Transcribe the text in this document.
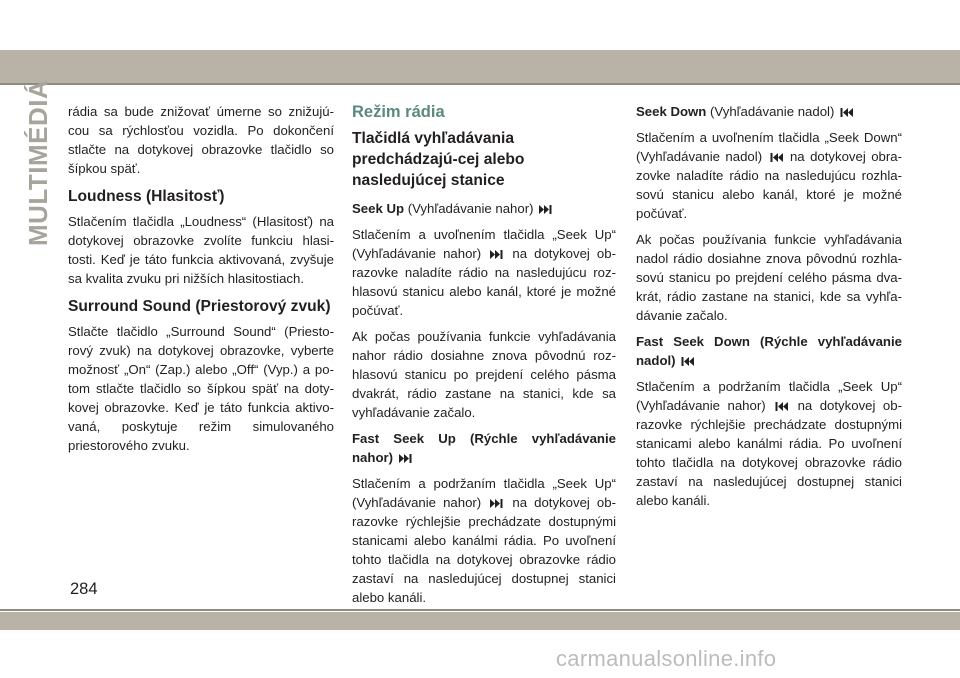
MULTIMÉDIÁ rádia sa bude znižovať úmerne so znižujú-cou sa rýchlosťou vozidla. Po dokončení stlačte na dotykovej obrazovke tlačidlo so šípkou späť.

Loudness (Hlasitosť)

Stlačením tlačidla „Loudness“ (Hlasitosť) na dotykovej obrazovke zvolíte funkciu hlasi-tosti. Keď je táto funkcia aktivovaná, zvyšuje sa kvalita zvuku pri nižších hlasitostiach.

Surround Sound (Priestorový zvuk)

Stlačte tlačidlo „Surround Sound“ (Priesto-rový zvuk) na dotykovej obrazovke, vyberte možnosť „On“ (Zap.) alebo „Off“ (Vyp.) a po-tom stlačte tlačidlo so šípkou späť na doty-kovej obrazovke. Keď je táto funkcia aktivo-vaná, poskytuje režim simulovaného priestorového zvuku.

Režim rádia
Tlačidlá vyhľadávania predchádzajú-cej alebo nasledujúcej stanice

Seek Up (Vyhľadávanie nahor)

Stlačením a uvoľnením tlačidla „Seek Up“ (Vyhľadávanie nahor) na dotykovej ob-razovke naladíte rádio na nasledujúcu roz-hlasovú stanicu alebo kanál, ktoré je možné počúvať.

Ak počas používania funkcie vyhľadávania nahor rádio dosiahne znova pôvodnú roz-hlasovú stanicu po prejdení celého pásma dvakrát, rádio zastane na stanici, kde sa vyhľadávanie začalo.

Fast Seek Up (Rýchle vyhľadávanie nahor)

Stlačením a podržaním tlačidla „Seek Up“ (Vyhľadávanie nahor) na dotykovej ob-razovke rýchlejšie prechádzate dostupnými stanicami alebo kanálmi rádia. Po uvoľnení tohto tlačidla na dotykovej obrazovke rádio zastaví na nasledujúcej dostupnej stanici alebo kanáli.

Seek Down (Vyhľadávanie nadol)

Stlačením a uvoľnením tlačidla „Seek Down“ (Vyhľadávanie nadol) na dotykovej obra-zovke naladíte rádio na nasledujúcu rozhla-sovú stanicu alebo kanál, ktoré je možné počúvať.

Ak počas používania funkcie vyhľadávania nadol rádio dosiahne znova pôvodnú rozhla-sovú stanicu po prejdení celého pásma dva-krát, rádio zastane na stanici, kde sa vyhľa-dávanie začalo.

Fast Seek Down (Rýchle vyhľadávanie nadol)

Stlačením a podržaním tlačidla „Seek Up“ (Vyhľadávanie nahor) na dotykovej ob-razovke rýchlejšie prechádzate dostupnými stanicami alebo kanálmi rádia. Po uvoľnení tohto tlačidla na dotykovej obrazovke rádio zastaví na nasledujúcej dostupnej stanici alebo kanáli.

284
carmanualsonline.info
